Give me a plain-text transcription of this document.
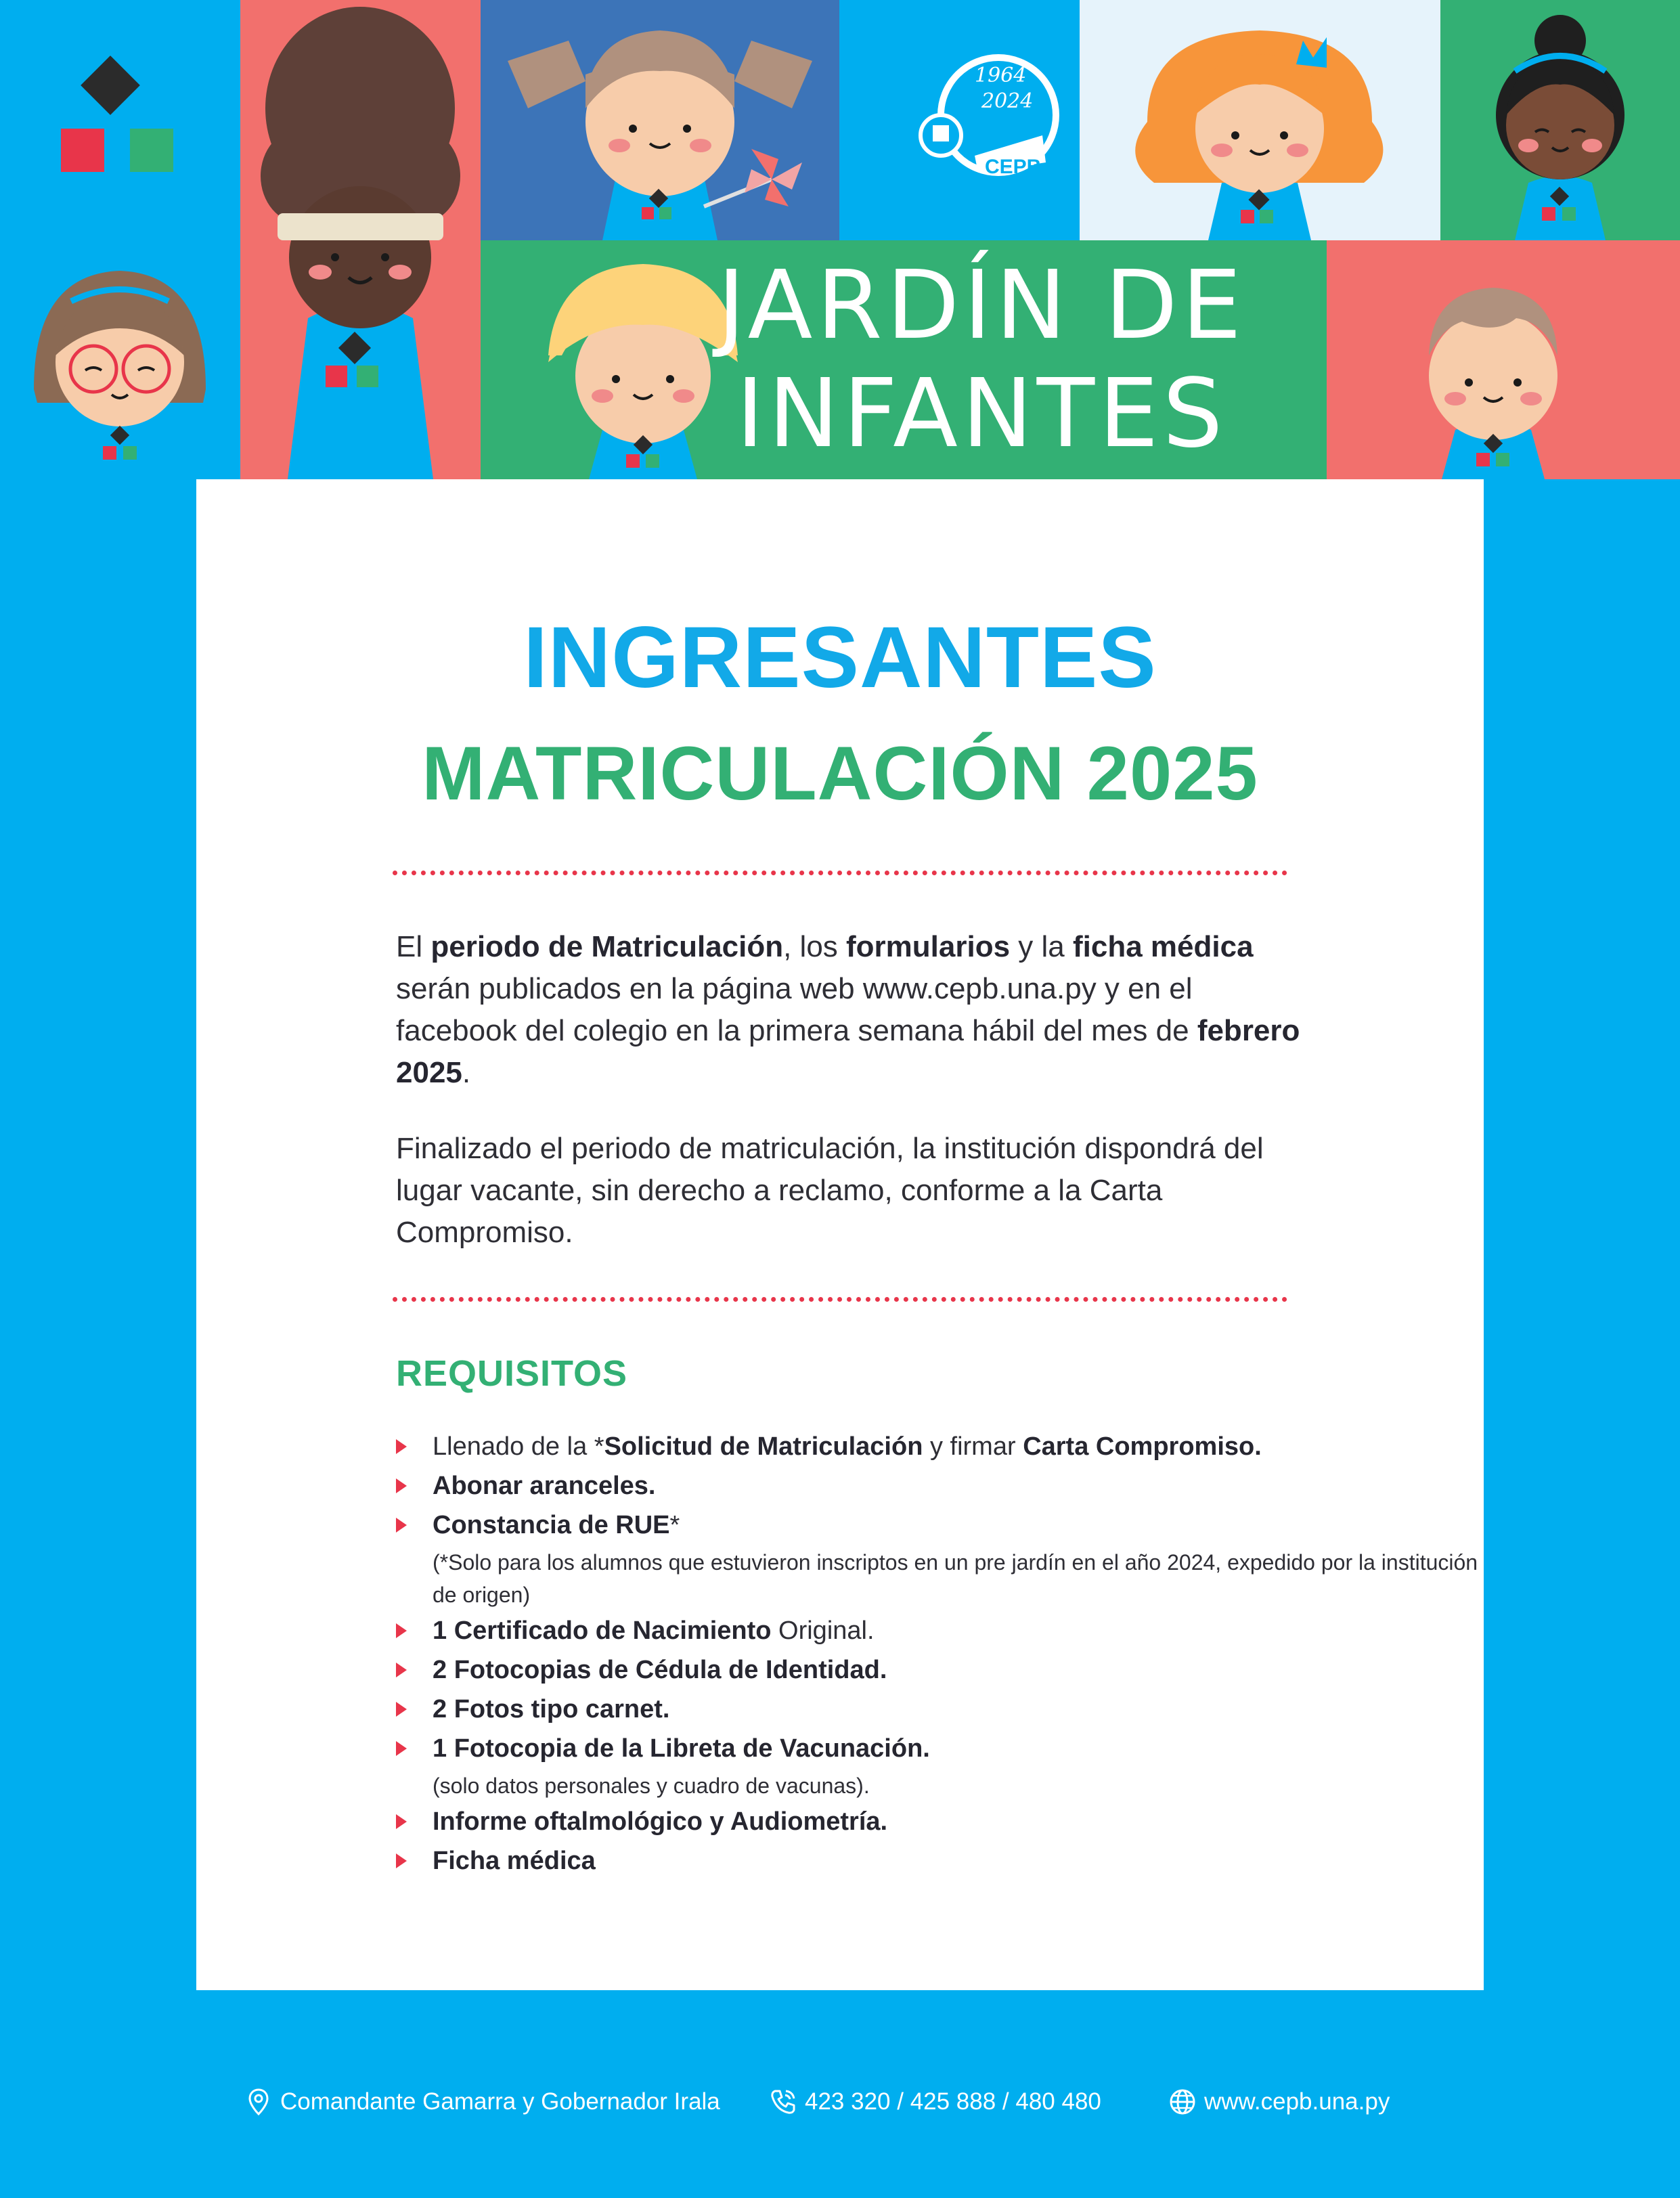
1964
2024
CEPB
JARDÍN DE
INFANTES
INGRESANTES
MATRICULACIÓN 2025

El periodo de Matriculación, los formularios y la ficha médica serán publicados en la página web www.cepb.una.py y en el facebook del colegio en la primera semana hábil del mes de febrero 2025.

Finalizado el periodo de matriculación, la institución dispondrá del lugar vacante, sin derecho a reclamo, conforme a la Carta Compromiso.

REQUISITOS
Llenado de la *Solicitud de Matriculación y firmar Carta Compromiso.
Abonar aranceles.
Constancia de RUE*
(*Solo para los alumnos que estuvieron inscriptos en un pre jardín en el año 2024, expedido por la institución de origen)
1 Certificado de Nacimiento Original.
2 Fotocopias de Cédula de Identidad.
2 Fotos tipo carnet.
1 Fotocopia de la Libreta de Vacunación.
(solo datos personales y cuadro de vacunas).
Informe oftalmológico y Audiometría.
Ficha médica
Comandante Gamarra y Gobernador Irala	423 320 / 425 888 / 480 480	www.cepb.una.py
